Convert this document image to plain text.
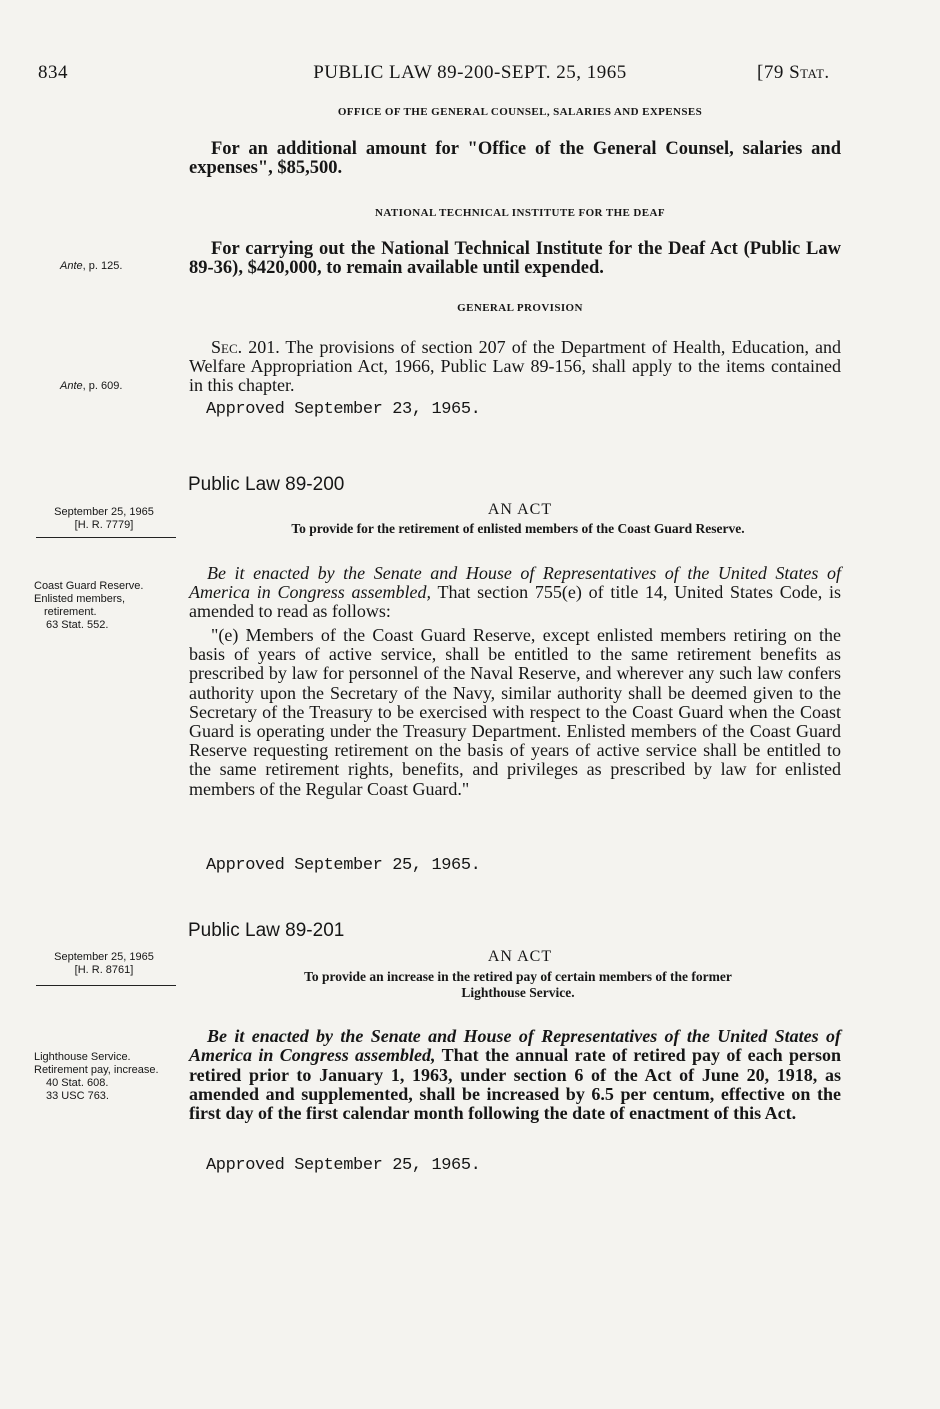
834	PUBLIC LAW 89-200-SEPT. 25, 1965	[79 Stat.
OFFICE OF THE GENERAL COUNSEL, SALARIES AND EXPENSES
For an additional amount for "Office of the General Counsel, salaries and expenses", $85,500.
NATIONAL TECHNICAL INSTITUTE FOR THE DEAF
For carrying out the National Technical Institute for the Deaf Act (Public Law 89-36), $420,000, to remain available until expended.
Ante, p. 125.
GENERAL PROVISION
Sec. 201. The provisions of section 207 of the Department of Health, Education, and Welfare Appropriation Act, 1966, Public Law 89-156, shall apply to the items contained in this chapter.
Ante, p. 609.
Approved September 23, 1965.
Public Law 89-200
September 25, 1965
[H. R. 7779]
AN ACT
To provide for the retirement of enlisted members of the Coast Guard Reserve.
Be it enacted by the Senate and House of Representatives of the United States of America in Congress assembled, That section 755(e) of title 14, United States Code, is amended to read as follows:
"(e) Members of the Coast Guard Reserve, except enlisted members retiring on the basis of years of active service, shall be entitled to the same retirement benefits as prescribed by law for personnel of the Naval Reserve, and wherever any such law confers authority upon the Secretary of the Navy, similar authority shall be deemed given to the Secretary of the Treasury to be exercised with respect to the Coast Guard when the Coast Guard is operating under the Treasury Department. Enlisted members of the Coast Guard Reserve requesting retirement on the basis of years of active service shall be entitled to the same retirement rights, benefits, and privileges as prescribed by law for enlisted members of the Regular Coast Guard."
Approved September 25, 1965.
Coast Guard Reserve.
Enlisted members, retirement.
63 Stat. 552.
Public Law 89-201
September 25, 1965
[H. R. 8761]
AN ACT
To provide an increase in the retired pay of certain members of the former
Lighthouse Service.
Be it enacted by the Senate and House of Representatives of the United States of America in Congress assembled, That the annual rate of retired pay of each person retired prior to January 1, 1963, under section 6 of the Act of June 20, 1918, as amended and supplemented, shall be increased by 6.5 per centum, effective on the first day of the first calendar month following the date of enactment of this Act.
Approved September 25, 1965.
Lighthouse Service.
Retirement pay, increase.
40 Stat. 608.
33 USC 763.
